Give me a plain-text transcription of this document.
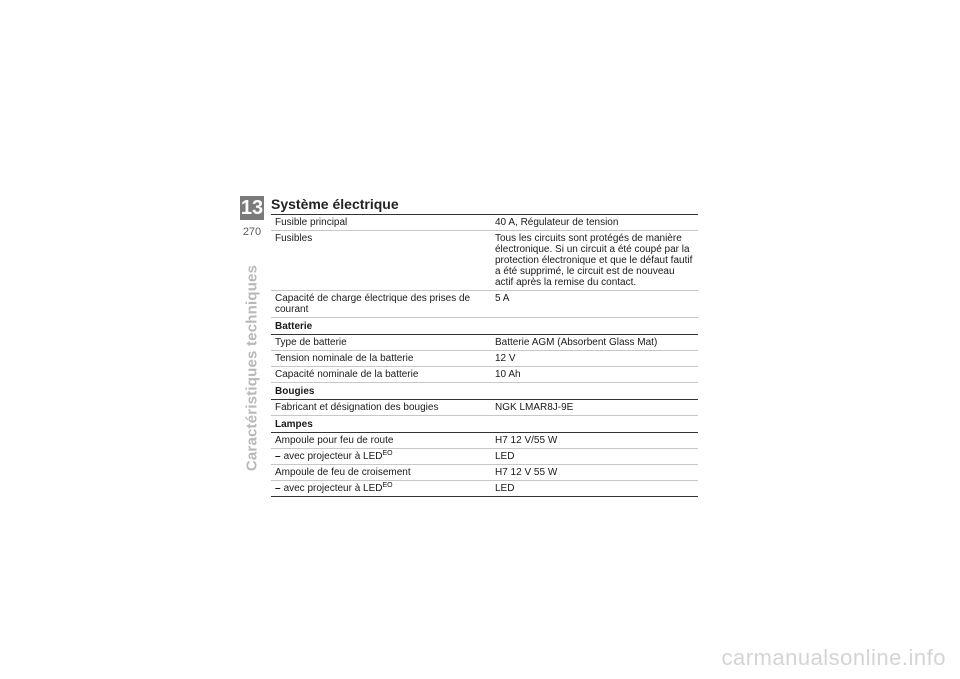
13
270
Caractéristiques techniques
Système électrique
Fusible principal	40 A, Régulateur de tension
Fusibles	Tous les circuits sont protégés de manière électronique. Si un circuit a été coupé par la protection électronique et que le défaut fautif a été supprimé, le circuit est de nouveau actif après la remise du contact.
Capacité de charge électrique des prises de courant	5 A
Batterie	
Type de batterie	Batterie AGM (Absorbent Glass Mat)
Tension nominale de la batterie	12 V
Capacité nominale de la batterie	10 Ah
Bougies	
Fabricant et désignation des bougies	NGK LMAR8J-9E
Lampes	
Ampoule pour feu de route	H7 12 V/55 W
– avec projecteur à $LED^{EO}$	LED
Ampoule de feu de croisement	H7 12 V 55 W
– avec projecteur à $LED^{EO}$	LED
carmanualsonline.info
